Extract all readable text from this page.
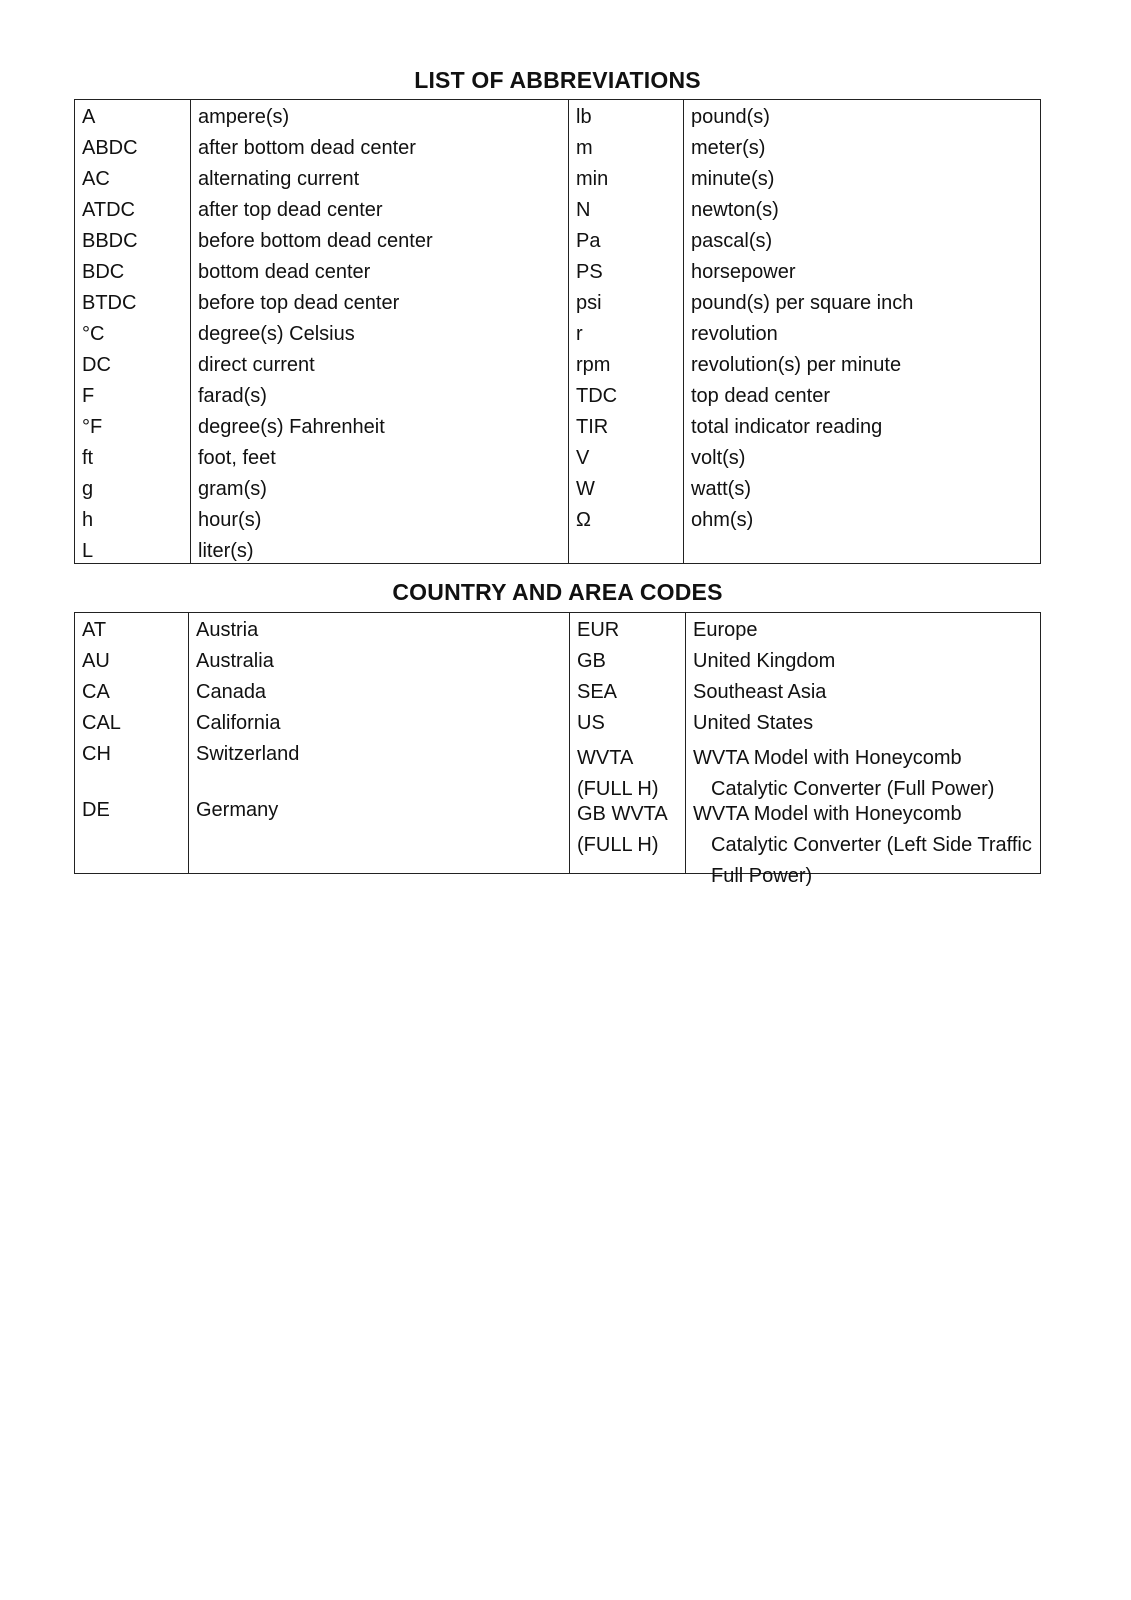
LIST OF ABBREVIATIONS
A
ABDC
AC
ATDC
BBDC
BDC
BTDC
°C
DC
F
°F
ft
g
h
L
ampere(s)
after bottom dead center
alternating current
after top dead center
before bottom dead center
bottom dead center
before top dead center
degree(s) Celsius
direct current
farad(s)
degree(s) Fahrenheit
foot, feet
gram(s)
hour(s)
liter(s)
lb
m
min
N
Pa
PS
psi
r
rpm
TDC
TIR
V
W
Ω
pound(s)
meter(s)
minute(s)
newton(s)
pascal(s)
horsepower
pound(s) per square inch
revolution
revolution(s) per minute
top dead center
total indicator reading
volt(s)
watt(s)
ohm(s)
COUNTRY AND AREA CODES
AT
AU
CA
CAL
CH
DE
Austria
Australia
Canada
California
Switzerland
Germany
EUR
GB
SEA
US
WVTA (FULL H)
GB WVTA (FULL H)
Europe
United Kingdom
Southeast Asia
United States
WVTA Model with Honeycomb Catalytic Converter (Full Power)
WVTA Model with Honeycomb Catalytic Converter (Left Side Traffic Full Power)
